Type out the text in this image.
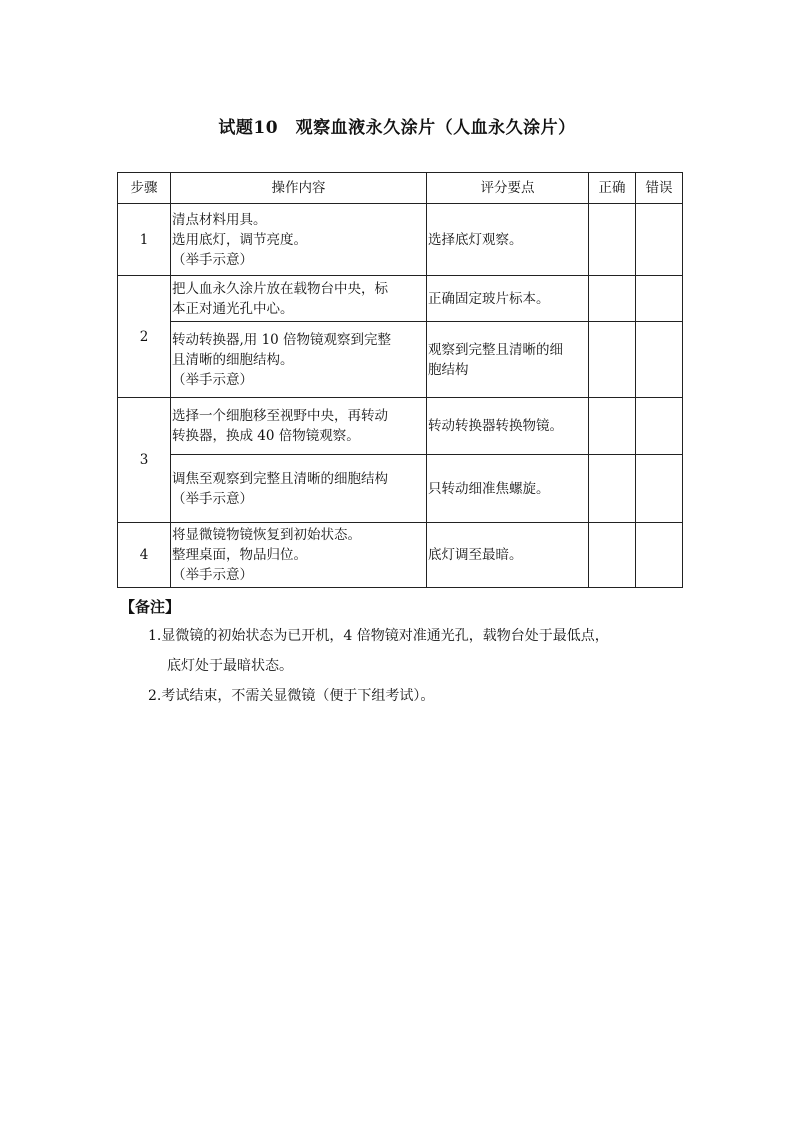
试题10　观察血液永久涂片（人血永久涂片）
步骤	操作内容	评分要点	正确	错误
1	清点材料用具。
选用底灯，调节亮度。
（举手示意）	选择底灯观察。		

2	把人血永久涂片放在载物台中央，标
本正对通光孔中心。	正确固定玻片标本。		

	转动转换器,用 10 倍物镜观察到完整
且清晰的细胞结构。
（举手示意）	观察到完整且清晰的细
胞结构		

3	选择一个细胞移至视野中央，再转动
转换器，换成 40 倍物镜观察。	转动转换器转换物镜。		

	调焦至观察到完整且清晰的细胞结构
（举手示意）	只转动细准焦螺旋。		

4	将显微镜物镜恢复到初始状态。
整理桌面，物品归位。
（举手示意）	底灯调至最暗。		

【备注】
1.显微镜的初始状态为已开机，4 倍物镜对准通光孔，载物台处于最低点，
底灯处于最暗状态。
2.考试结束，不需关显微镜（便于下组考试）。
